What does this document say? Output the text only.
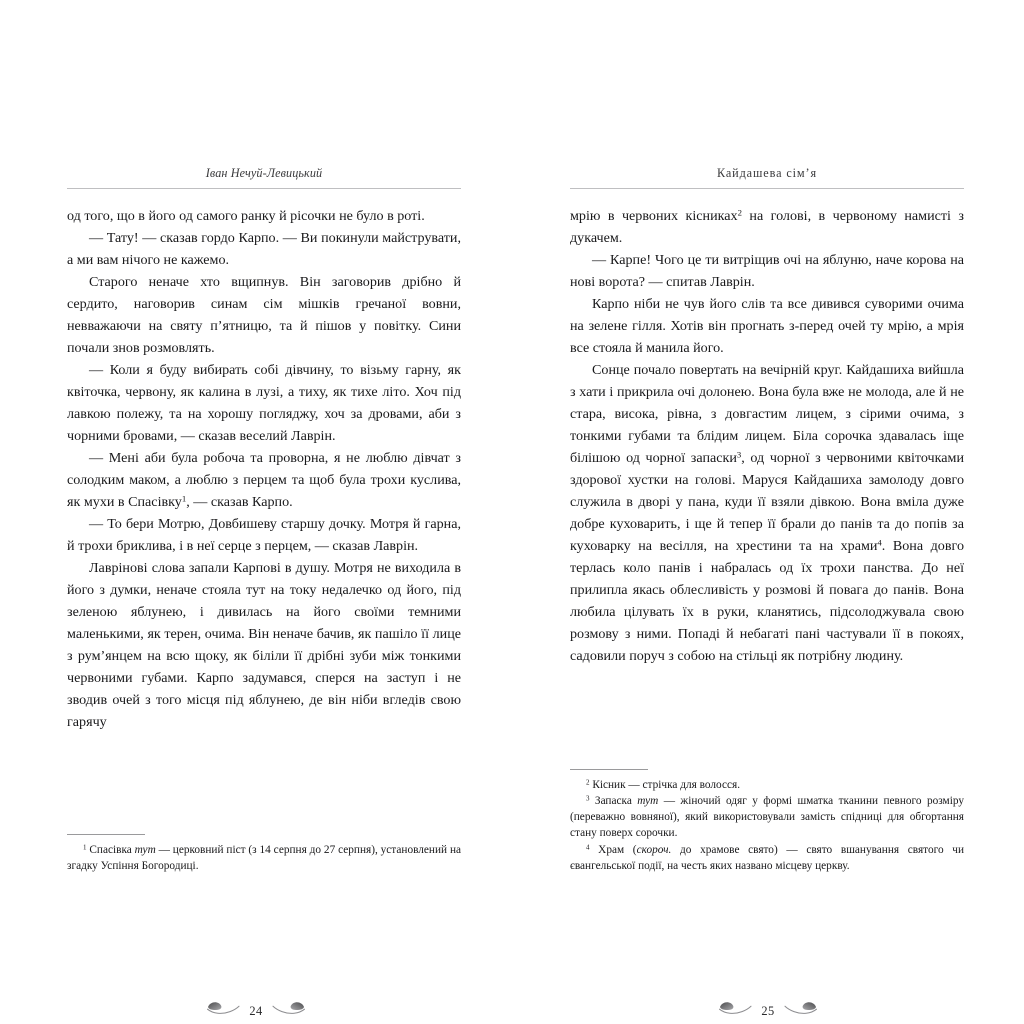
Іван Нечуй-Левицький

од того, що в його од самого ранку й рісочки не було в роті.

— Тату! — сказав гордо Карпо. — Ви покинули майструвати, а ми вам нічого не кажемо.

Старого неначе хто вщипнув. Він заговорив дрібно й сердито, наговорив синам сім мішків гречаної вовни, невважаючи на святу п’ятницю, та й пішов у повітку. Сини почали знов розмовлять.

— Коли я буду вибирать собі дівчину, то візьму гарну, як квіточка, червону, як калина в лузі, а тиху, як тихе літо. Хоч під лавкою полежу, та на хорошу погляджу, хоч за дровами, аби з чорними бровами, — сказав веселий Лаврін.

— Мені аби була робоча та проворна, я не люблю дівчат з солодким маком, а люблю з перцем та щоб була трохи куслива, як мухи в Спасівку$^1$, — сказав Карпо.

— То бери Мотрю, Довбишеву старшу дочку. Мотря й гарна, й трохи бриклива, і в неї серце з перцем, — сказав Лаврін.

Лаврінові слова запали Карпові в душу. Мотря не виходила в його з думки, неначе стояла тут на току недалечко од його, під зеленою яблунею, і дивилась на його своїми темними маленькими, як терен, очима. Він неначе бачив, як пашіло її лице з рум’янцем на всю щоку, як біліли її дрібні зуби між тонкими червоними губами. Карпо задумався, сперся на заступ і не зводив очей з того місця під яблунею, де він ніби вгледів свою гарячу

$^1$ Спасівка тут — церковний піст (з 14 серпня до 27 серпня), установлений на згадку Успіння Богородиці.

24
Кайдашева сім’я

мрію в червоних кісниках$^2$ на голові, в червоному намисті з дукачем.

— Карпе! Чого це ти витріщив очі на яблуню, наче корова на нові ворота? — спитав Лаврін.

Карпо ніби не чув його слів та все дивився суворими очима на зелене гілля. Хотів він прогнать з-перед очей ту мрію, а мрія все стояла й манила його.

Сонце почало повертать на вечірній круг. Кайдашиха вийшла з хати і прикрила очі долонею. Вона була вже не молода, але й не стара, висока, рівна, з довгастим лицем, з сірими очима, з тонкими губами та блідим лицем. Біла сорочка здавалась іще білішою од чорної запаски$^3$, од чорної з червоними квіточками здорової хустки на голові. Маруся Кайдашиха замолоду довго служила в дворі у пана, куди її взяли дівкою. Вона вміла дуже добре куховарить, і ще й тепер її брали до панів та до попів за куховарку на весілля, на хрестини та на храми$^4$. Вона довго терлась коло панів і набралась од їх трохи панства. До неї прилипла якась облесливість у розмові й повага до панів. Вона любила цілувать їх в руки, кланятись, підсолоджувала свою розмову з ними. Попаді й небагаті пані частували її в покоях, садовили поруч з собою на стільці як потрібну людину.

$^2$ Кісник — стрічка для волосся.

$^3$ Запаска тут — жіночий одяг у формі шматка тканини певного розміру (переважно вовняної), який використовували замість спідниці для обгортання стану поверх сорочки.

$^4$ Храм (скороч. до храмове свято) — свято вшанування святого чи євангельської події, на честь яких названо місцеву церкву.

25
